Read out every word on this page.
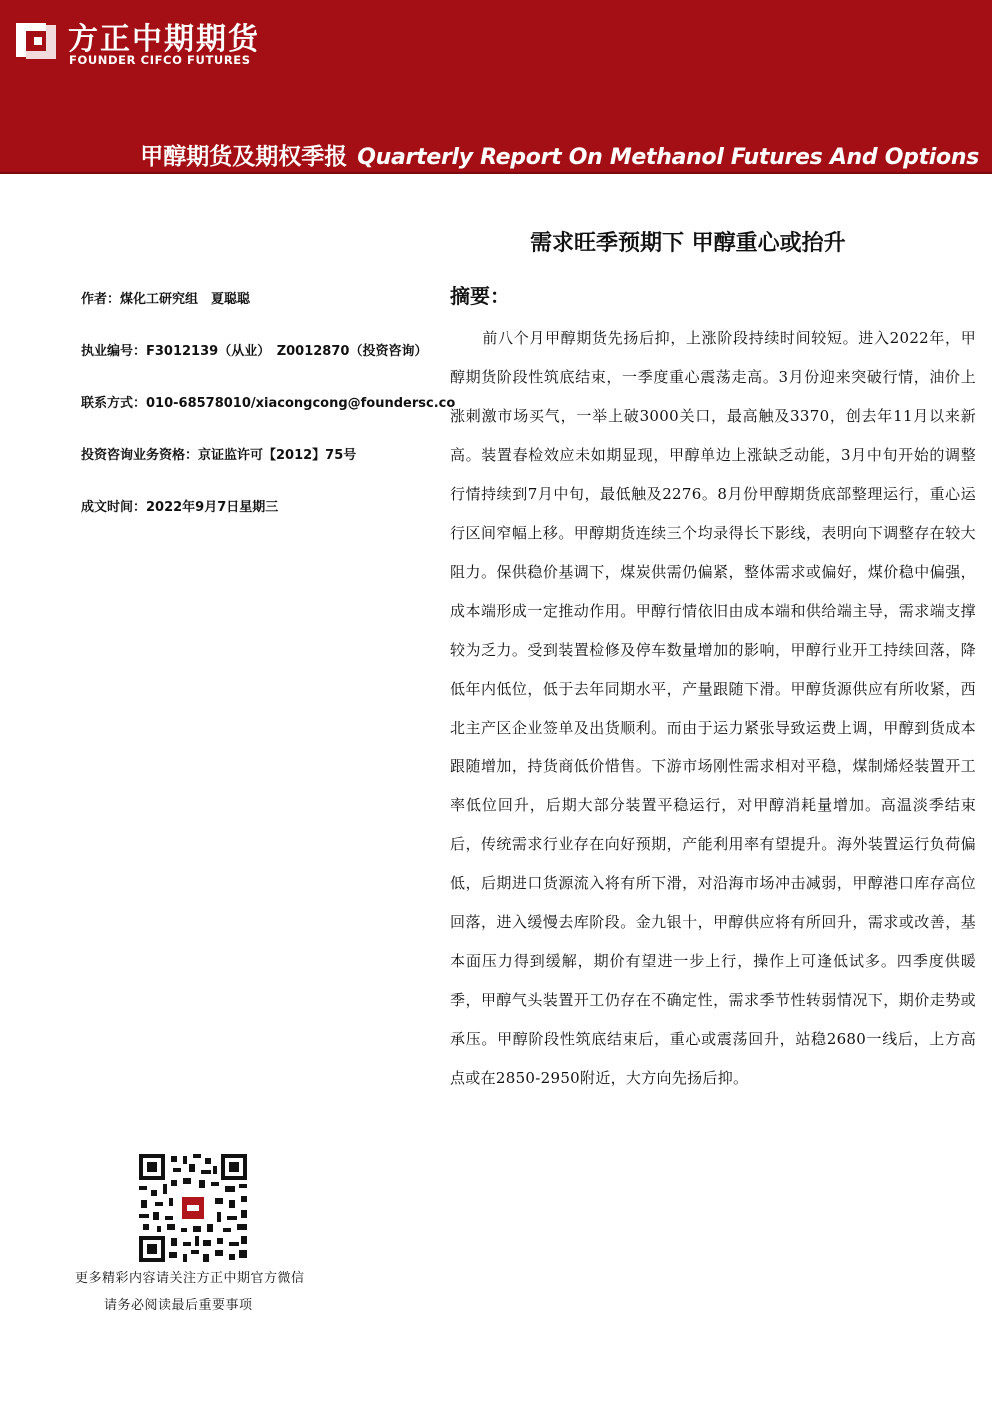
方正中期期货
FOUNDER CIFCO FUTURES
甲醇期货及期权季报 Quarterly Report On Methanol Futures And Options
需求旺季预期下 甲醇重心或抬升
作者：煤化工研究组　夏聪聪
执业编号：F3012139（从业）　Z0012870（投资咨询）
联系方式：010-68578010/xiacongcong@foundersc.co
投资咨询业务资格：京证监许可【2012】75号
成文时间：2022年9月7日星期三
摘要：
前八个月甲醇期货先扬后抑，上涨阶段持续时间较短。进入2022年，甲醇期货阶段性筑底结束，一季度重心震荡走高。3月份迎来突破行情，油价上涨刺激市场买气，一举上破3000关口，最高触及3370，创去年11月以来新高。装置春检效应未如期显现，甲醇单边上涨缺乏动能，3月中旬开始的调整行情持续到7月中旬，最低触及2276。8月份甲醇期货底部整理运行，重心运行区间窄幅上移。甲醇期货连续三个均录得长下影线，表明向下调整存在较大阻力。保供稳价基调下，煤炭供需仍偏紧，整体需求或偏好，煤价稳中偏强，成本端形成一定推动作用。甲醇行情依旧由成本端和供给端主导，需求端支撑较为乏力。受到装置检修及停车数量增加的影响，甲醇行业开工持续回落，降低年内低位，低于去年同期水平，产量跟随下滑。甲醇货源供应有所收紧，西北主产区企业签单及出货顺利。而由于运力紧张导致运费上调，甲醇到货成本跟随增加，持货商低价惜售。下游市场刚性需求相对平稳，煤制烯烃装置开工率低位回升，后期大部分装置平稳运行，对甲醇消耗量增加。高温淡季结束后，传统需求行业存在向好预期，产能利用率有望提升。海外装置运行负荷偏低，后期进口货源流入将有所下滑，对沿海市场冲击减弱，甲醇港口库存高位回落，进入缓慢去库阶段。金九银十，甲醇供应将有所回升，需求或改善，基本面压力得到缓解，期价有望进一步上行，操作上可逢低试多。四季度供暖季，甲醇气头装置开工仍存在不确定性，需求季节性转弱情况下，期价走势或承压。甲醇阶段性筑底结束后，重心或震荡回升，站稳2680一线后，上方高点或在2850-2950附近，大方向先扬后抑。
更多精彩内容请关注方正中期官方微信
请务必阅读最后重要事项
